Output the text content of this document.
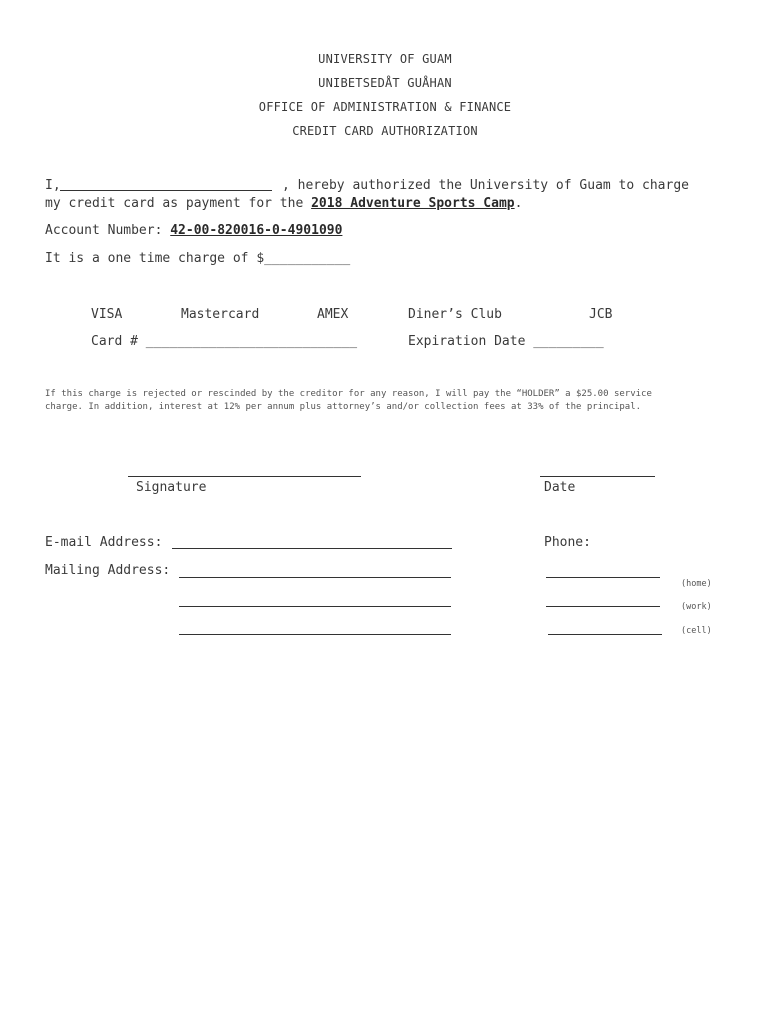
UNIVERSITY OF GUAM
UNIBETSEDÅT GUÅHAN
OFFICE OF ADMINISTRATION & FINANCE
CREDIT CARD AUTHORIZATION
I,	, hereby authorized the University of Guam to charge
my credit card as payment for the 2018 Adventure Sports Camp.
Account Number: 42-00-820016-0-4901090
It is a one time charge of $___________
VISA	Mastercard	AMEX	Diner’s Club	JCB
Card # ___________________________	Expiration Date _________
If this charge is rejected or rescinded by the creditor for any reason, I will pay the “HOLDER” a $25.00 service
charge. In addition, interest at 12% per annum plus attorney’s and/or collection fees at 33% of the principal.
Signature	Date
E-mail Address:	Phone:
Mailing Address:
(home)
(work)
(cell)
